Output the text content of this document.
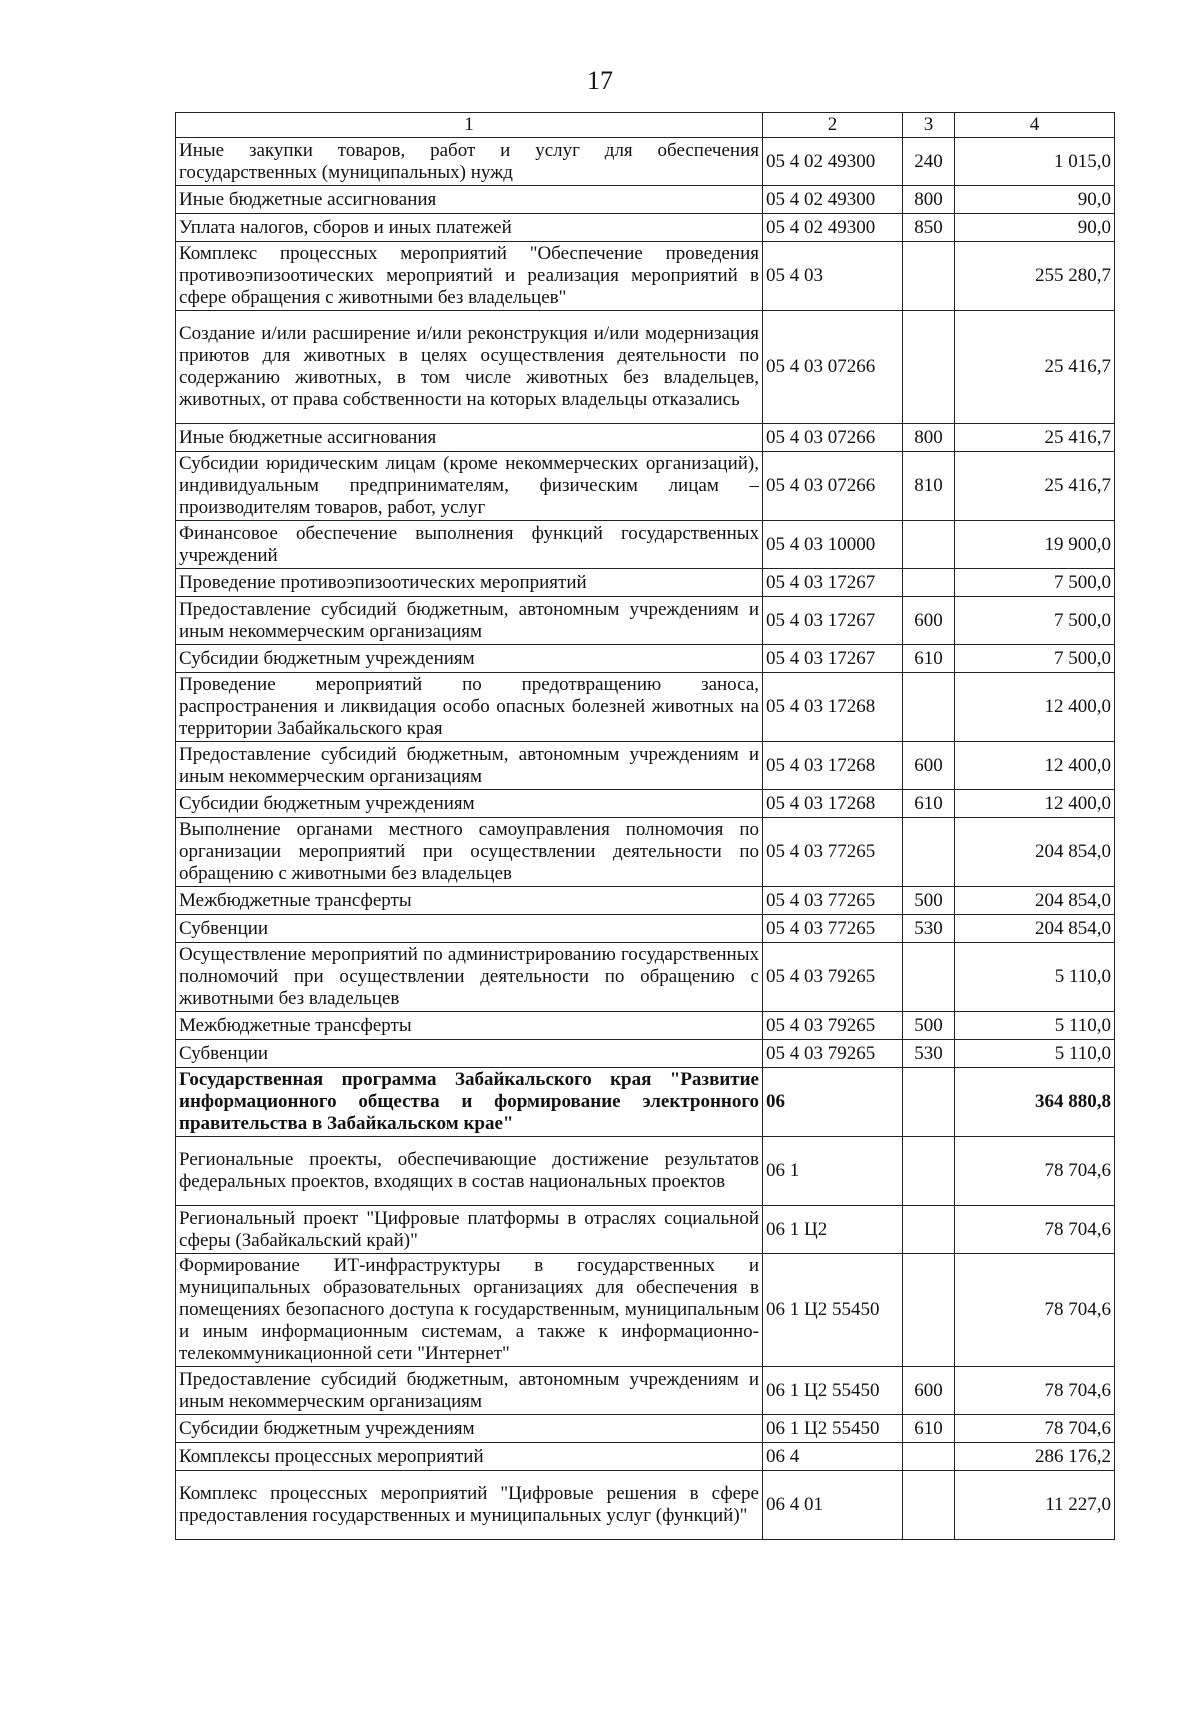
17
1	2	3	4
Иные закупки товаров, работ и услуг для обеспечения государственных (муниципальных) нужд	05 4 02 49300	240	1 015,0
Иные бюджетные ассигнования	05 4 02 49300	800	90,0
Уплата налогов, сборов и иных платежей	05 4 02 49300	850	90,0
Комплекс процессных мероприятий "Обеспечение проведения противоэпизоотических мероприятий и реализация мероприятий в сфере обращения с животными без владельцев"	05 4 03		255 280,7
Создание и/или расширение и/или реконструкция и/или модернизация приютов для животных в целях осуществления деятельности по содержанию животных, в том числе животных без владельцев, животных, от права собственности на которых владельцы отказались	05 4 03 07266		25 416,7
Иные бюджетные ассигнования	05 4 03 07266	800	25 416,7
Субсидии юридическим лицам (кроме некоммерческих организаций), индивидуальным предпринимателям, физическим лицам – производителям товаров, работ, услуг	05 4 03 07266	810	25 416,7
Финансовое обеспечение выполнения функций государственных учреждений	05 4 03 10000		19 900,0
Проведение противоэпизоотических мероприятий	05 4 03 17267		7 500,0
Предоставление субсидий бюджетным, автономным учреждениям и иным некоммерческим организациям	05 4 03 17267	600	7 500,0
Субсидии бюджетным учреждениям	05 4 03 17267	610	7 500,0
Проведение мероприятий по предотвращению заноса, распространения и ликвидация особо опасных болезней животных на территории Забайкальского края	05 4 03 17268		12 400,0
Предоставление субсидий бюджетным, автономным учреждениям и иным некоммерческим организациям	05 4 03 17268	600	12 400,0
Субсидии бюджетным учреждениям	05 4 03 17268	610	12 400,0
Выполнение органами местного самоуправления полномочия по организации мероприятий при осуществлении деятельности по обращению с животными без владельцев	05 4 03 77265		204 854,0
Межбюджетные трансферты	05 4 03 77265	500	204 854,0
Субвенции	05 4 03 77265	530	204 854,0
Осуществление мероприятий по администрированию государственных полномочий при осуществлении деятельности по обращению с животными без владельцев	05 4 03 79265		5 110,0
Межбюджетные трансферты	05 4 03 79265	500	5 110,0
Субвенции	05 4 03 79265	530	5 110,0
Государственная программа Забайкальского края "Развитие информационного общества и формирование электронного правительства в Забайкальском крае"	06		364 880,8
Региональные проекты, обеспечивающие достижение результатов федеральных проектов, входящих в состав национальных проектов	06 1		78 704,6
Региональный проект "Цифровые платформы в отраслях социальной сферы (Забайкальский край)"	06 1 Ц2		78 704,6
Формирование ИТ-инфраструктуры в государственных и муниципальных образовательных организациях для обеспечения в помещениях безопасного доступа к государственным, муниципальным и иным информационным системам, а также к информационно-телекоммуникационной сети "Интернет"	06 1 Ц2 55450		78 704,6
Предоставление субсидий бюджетным, автономным учреждениям и иным некоммерческим организациям	06 1 Ц2 55450	600	78 704,6
Субсидии бюджетным учреждениям	06 1 Ц2 55450	610	78 704,6
Комплексы процессных мероприятий	06 4		286 176,2
Комплекс процессных мероприятий "Цифровые решения в сфере предоставления государственных и муниципальных услуг (функций)"	06 4 01		11 227,0
